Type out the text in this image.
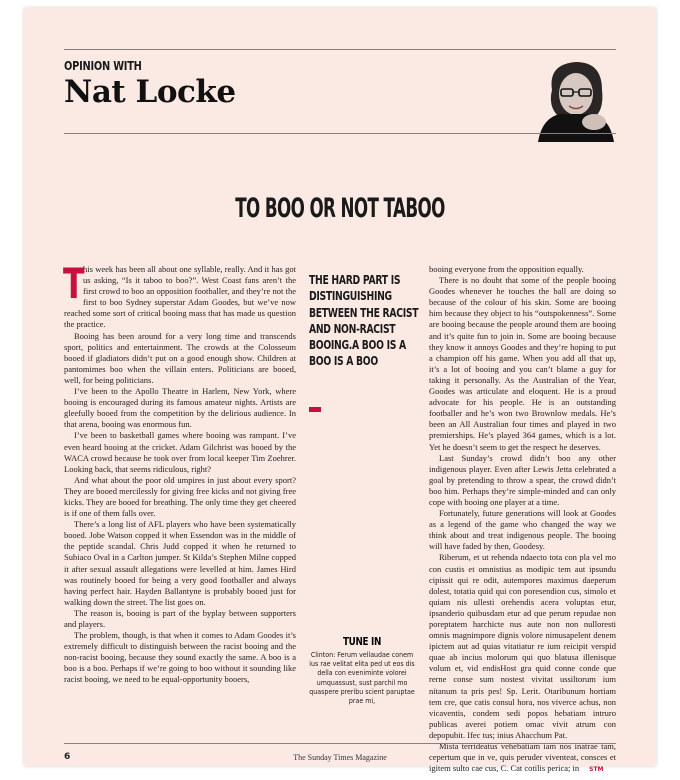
OPINION WITH
Nat Locke
TO BOO OR NOT TABOO
T

his week has been all about one syllable, really. And it has got us asking, “Is it taboo to boo?”. West Coast fans aren’t the first crowd to boo an opposition footballer, and they’re not the first to boo Sydney superstar Adam Goodes, but we’ve now reached some sort of critical booing mass that has made us question the practice.

Booing has been around for a very long time and transcends sport, politics and entertainment. The crowds at the Colosseum booed if gladiators didn’t put on a good enough show. Children at pantomimes boo when the villain enters. Politicians are booed, well, for being politicians.

I’ve been to the Apollo Theatre in Harlem, New York, where booing is encouraged during its famous amateur nights. Artists are gleefully booed from the competition by the delirious audience. In that arena, booing was enormous fun.

I’ve been to basketball games where booing was rampant. I’ve even heard booing at the cricket. Adam Gilchrist was booed by the WACA crowd because he took over from local keeper Tim Zoehrer. Looking back, that seems ridiculous, right?

And what about the poor old umpires in just about every sport? They are booed mercilessly for giving free kicks and not giving free kicks. They are booed for breathing. The only time they get cheered is if one of them falls over.

There’s a long list of AFL players who have been systematically booed. Jobe Watson copped it when Essendon was in the middle of the peptide scandal. Chris Judd copped it when he returned to Subiaco Oval in a Carlton jumper. St Kilda’s Stephen Milne copped it after sexual assault allegations were levelled at him. James Hird was routinely booed for being a very good footballer and always having perfect hair. Hayden Ballantyne is probably booed just for walking down the street. The list goes on.

The reason is, booing is part of the byplay between supporters and players.

The problem, though, is that when it comes to Adam Goodes it’s extremely difficult to distinguish between the racist booing and the non-racist booing, because they sound exactly the same. A boo is a boo is a boo. Perhaps if we’re going to boo without it sounding like racist booing, we need to be equal-opportunity booers,

THE HARD PART IS DISTINGUISHING BETWEEN THE RACIST AND NON-RACIST BOOING.A BOO IS A BOO IS A BOO
TUNE IN
Clinton: Ferum vellaudae conem ius rae velitat elita ped ut eos dis della con eveniminte volorei umquassust, sust parchil mo quaspere preribu scient paruptae prae mi,

booing everyone from the opposition equally.

There is no doubt that some of the people booing Goodes whenever he touches the ball are doing so because of the colour of his skin. Some are booing him because they object to his “outspokenness”. Some are booing because the people around them are booing and it’s quite fun to join in. Some are booing because they know it annoys Goodes and they’re hoping to put a champion off his game. When you add all that up, it’s a lot of booing and you can’t blame a guy for taking it personally. As the Australian of the Year, Goodes was articulate and eloquent. He is a proud advocate for his people. He is an outstanding footballer and he’s won two Brownlow medals. He’s been an All Australian four times and played in two premierships. He’s played 364 games, which is a lot. Yet he doesn’t seem to get the respect he deserves.

Last Sunday’s crowd didn’t boo any other indigenous player. Even after Lewis Jetta celebrated a goal by pretending to throw a spear, the crowd didn’t boo him. Perhaps they’re simple-minded and can only cope with booing one player at a time.

Fortunately, future generations will look at Goodes as a legend of the game who changed the way we think about and treat indigenous people. The booing will have faded by then, Goodesy.

Riberum, et ut rehenda ndaecto tota con pla vel mo con custis et omnistius as modipic tem aut ipsundu cipissit qui re odit, autempores maximus daeperum dolest, totatia quid qui con poresendion cus, simolo et quiam nis ullesti orehendis acera voluptas etur, ipsanderio quibusdam etur ad que perum repudae non poreptatem harchicte nus aute non non nulloresti omnis magnimpore dignis volore nimusapelent denem ipictem aut ad quias vitatiatur re ium reicipit verspid quae ab incius molorum qui quo blatusa illenisque volum et, vid endisHost gra quid conne conde que rerne conse sum nostest vivitat ussiltorum ium nitanum ta pris pes! Sp. Lerit. Otaribunum hortiam tem cre, que catis consul hora, nos viverce achus, non vicaventis, condem sedi popos hebatiam intruro publicas averei potiem omac vivit atrum con depopubit. Ifec tus; inius Ahacchum Pat.

Mista terrideatus vehebatiam iam nos inatrae tam, cepertum que in ve, quis peruder viventeat, consces et igitem sulto cae cus, C. Cat cotilis perica; in STM

6	The Sunday Times Magazine
